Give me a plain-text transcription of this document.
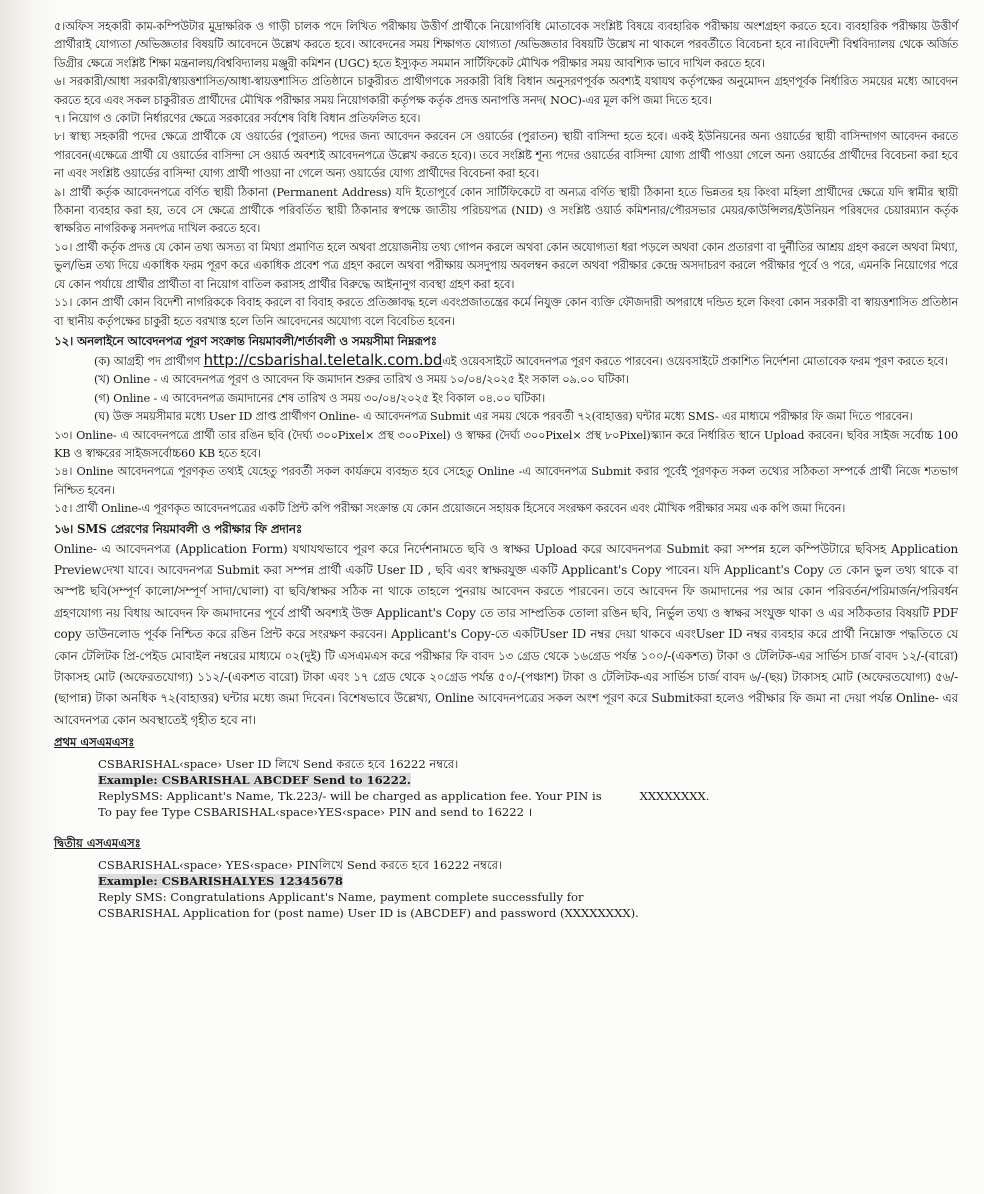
৫।অফিস সহকারী কাম-কম্পিউটার মুদ্রাক্ষরিক ও গাড়ী চালক পদে লিখিত পরীক্ষায় উত্তীর্ণ প্রার্থীকে নিয়োগবিধি মোতাবেক সংশ্লিষ্ট বিষয়ে ব্যবহারিক পরীক্ষায় অংশগ্রহণ করতে হবে। ব্যবহারিক পরীক্ষায় উত্তীর্ণ প্রার্থীরাই যোগ্যতা /অভিজ্ঞতার বিষয়টি আবেদনে উল্লেখ করতে হবে। আবেদনের সময় শিক্ষাগত যোগ্যতা /অভিজ্ঞতার বিষয়টি উল্লেখ না থাকলে পরবর্তীতে বিবেচনা হবে না।বিদেশী বিশ্ববিদ্যালয় থেকে অর্জিত ডিগ্রীর ক্ষেত্রে সংশ্লিষ্ট শিক্ষা মন্ত্রনালয়/বিশ্ববিদ্যালয় মঞ্জুরী কমিশন (UGC) হতে ইস্যুকৃত সমমান সার্টিফিকেট মৌখিক পরীক্ষার সময় আবশ্যিক ভাবে দাখিল করতে হবে।

৬। সরকারী/আধা সরকারী/স্বায়ত্তশাসিত/আধা-স্বায়ত্তশাসিত প্রতিষ্ঠানে চাকুরীরত প্রার্থীগণকে সরকারী বিধি বিধান অনুসরণপূর্বক অবশ্যই যথাযথ কর্তৃপক্ষের অনুমোদন গ্রহণপূর্বক নির্ধারিত সময়ের মধ্যে আবেদন করতে হবে এবং সকল চাকুরীরত প্রার্থীদের মৌখিক পরীক্ষার সময় নিয়োগকারী কর্তৃপক্ষ কর্তৃক প্রদত্ত অনাপত্তি সনদ( NOC)-এর মূল কপি জমা দিতে হবে।

৭। নিয়োগ ও কোটা নির্ধারণের ক্ষেত্রে সরকারের সর্বশেষ বিধি বিধান প্রতিফলিত হবে।

৮। স্বাস্থ্য সহকারী পদের ক্ষেত্রে প্রার্থীকে যে ওয়ার্ডের (পুরাতন) পদের জন্য আবেদন করবেন সে ওয়ার্ডের (পুরাতন) স্থায়ী বাসিন্দা হতে হবে। একই ইউনিয়নের অন্য ওয়ার্ডের স্থায়ী বাসিন্দাগণ আবেদন করতে পারবেন(এক্ষেত্রে প্রার্থী যে ওয়ার্ডের বাসিন্দা সে ওয়ার্ড অবশ্যই আবেদনপত্রে উল্লেখ করতে হবে)। তবে সংশ্লিষ্ট শূন্য পদের ওয়ার্ডের বাসিন্দা যোগ্য প্রার্থী পাওয়া গেলে অন্য ওয়ার্ডের প্রার্থীদের বিবেচনা করা হবে না এবং সংশ্লিষ্ট ওয়ার্ডের বাসিন্দা যোগ্য প্রার্থী পাওয়া না গেলে অন্য ওয়ার্ডের যোগ্য প্রার্থীদের বিবেচনা করা হবে।

৯। প্রার্থী কর্তৃক আবেদনপত্রে বর্ণিত স্থায়ী ঠিকানা (Permanent Address) যদি ইতোপূর্বে কোন সার্টিফিকেটে বা অন্যত্র বর্ণিত স্থায়ী ঠিকানা হতে ভিন্নতর হয় কিংবা মহিলা প্রার্থীদের ক্ষেত্রে যদি স্বামীর স্থায়ী ঠিকানা ব্যবহার করা হয়, তবে সে ক্ষেত্রে প্রার্থীকে পরিবর্তিত স্থায়ী ঠিকানার স্বপক্ষে জাতীয় পরিচয়পত্র (NID) ও সংশ্লিষ্ট ওয়ার্ড কমিশনার/পৌরসভার মেয়র/কাউন্সিলর/ইউনিয়ন পরিষদের চেয়ারম্যান কর্তৃক স্বাক্ষরিত নাগরিকত্ব সনদপত্র দাখিল করতে হবে।

১০। প্রার্থী কর্তৃক প্রদত্ত যে কোন তথ্য অসত্য বা মিথ্যা প্রমাণিত হলে অথবা প্রয়োজনীয় তথ্য গোপন করলে অথবা কোন অযোগ্যতা ধরা পড়লে অথবা কোন প্রতারণা বা দুর্নীতির আশ্রয় গ্রহণ করলে অথবা মিথ্যা, ভুল/ভিন্ন তথ্য দিয়ে একাধিক ফরম পূরণ করে একাধিক প্রবেশ পত্র গ্রহণ করলে অথবা পরীক্ষায় অসদুপায় অবলম্বন করলে অথবা পরীক্ষার কেন্দ্রে অসদাচরণ করলে পরীক্ষার পূর্বে ও পরে, এমনকি নিয়োগের পরে যে কোন পর্যায়ে প্রার্থীর প্রার্থীতা বা নিয়োগ বাতিল করাসহ প্রার্থীর বিরুদ্ধে আইনানুগ ব্যবস্থা গ্রহণ করা হবে।

১১। কোন প্রার্থী কোন বিদেশী নাগরিককে বিবাহ করলে বা বিবাহ করতে প্রতিজ্ঞাবদ্ধ হলে এবংপ্রজাতন্ত্রের কর্মে নিযুক্ত কোন ব্যক্তি ফৌজদারী অপরাধে দন্ডিত হলে কিংবা কোন সরকারী বা স্বায়ত্তশাসিত প্রতিষ্ঠান বা স্থানীয় কর্তৃপক্ষের চাকুরী হতে বরখাস্ত হলে তিনি আবেদনের অযোগ্য বলে বিবেচিত হবেন।

১২। অনলাইনে আবেদনপত্র পূরণ সংক্রান্ত নিয়মাবলী/শর্তাবলী ও সময়সীমা নিম্নরূপঃ

(ক) আগ্রহী পদ প্রার্থীগণ http://csbarishal.teletalk.com.bdএই ওয়েবসাইটে আবেদনপত্র পূরণ করতে পারবেন। ওয়েবসাইটে প্রকাশিত নির্দেশনা মোতাবেক ফরম পূরণ করতে হবে।

(খ) Online - এ আবেদনপত্র পূরণ ও আবেদন ফি জমাদান শুরুর তারিখ ও সময় ১০/০৪/২০২৫ ইং সকাল ০৯.০০ ঘটিকা।

(গ) Online - এ আবেদনপত্র জমাদানের শেষ তারিখ ও সময় ৩০/০৪/২০২৫ ইং বিকাল ০৪.০০ ঘটিকা।

(ঘ) উক্ত সময়সীমার মধ্যে User ID প্রাপ্ত প্রার্থীগণ Online- এ আবেদনপত্র Submit এর সময় থেকে পরবর্তী ৭২(বাহাত্তর) ঘন্টার মধ্যে SMS- এর মাধ্যমে পরীক্ষার ফি জমা দিতে পারবেন।

১৩। Online- এ আবেদনপত্রে প্রার্থী তার রঙিন ছবি (দৈর্ঘ্য ৩০০Pixel× প্রস্থ ৩০০Pixel) ও স্বাক্ষর (দৈর্ঘ্য ৩০০Pixel× প্রস্থ ৮০Pixel)স্ক্যান করে নির্ধারিত স্থানে Upload করবেন। ছবির সাইজ সর্বোচ্চ 100 KB ও স্বাক্ষরের সাইজসর্বোচ্চ60 KB হতে হবে।

১৪। Online আবেদনপত্রে পূরণকৃত তথ্যই যেহেতু পরবর্তী সকল কার্যক্রমে ব্যবহৃত হবে সেহেতু Online -এ আবেদনপত্র Submit করার পূর্বেই পূরণকৃত সকল তথ্যের সঠিকতা সম্পর্কে প্রার্থী নিজে শতভাগ নিশ্চিত হবেন।

১৫। প্রার্থী Online-এ পূরণকৃত আবেদনপত্রের একটি প্রিন্ট কপি পরীক্ষা সংক্রান্ত যে কোন প্রয়োজনে সহায়ক হিসেবে সংরক্ষণ করবেন এবং মৌখিক পরীক্ষার সময় এক কপি জমা দিবেন।

১৬। SMS প্রেরণের নিয়মাবলী ও পরীক্ষার ফি প্রদানঃ

Online- এ আবেদনপত্র (Application Form) যথাযথভাবে পূরণ করে নির্দেশনামতে ছবি ও স্বাক্ষর Upload করে আবেদনপত্র Submit করা সম্পন্ন হলে কম্পিউটারে ছবিসহ Application Previewদেখা যাবে। আবেদনপত্র Submit করা সম্পন্ন প্রার্থী একটি User ID , ছবি এবং স্বাক্ষরযুক্ত একটি Applicant's Copy পাবেন। যদি Applicant's Copy তে কোন ভুল তথ্য থাকে বা অস্পষ্ট ছবি(সম্পূর্ণ কালো/সম্পূর্ণ সাদা/ঘোলা) বা ছবি/স্বাক্ষর সঠিক না থাকে তাহলে পুনরায় আবেদন করতে পারবেন। তবে আবেদন ফি জমাদানের পর আর কোন পরিবর্তন/পরিমার্জন/পরিবর্ধন গ্রহণযোগ্য নয় বিধায় আবেদন ফি জমাদানের পূর্বে প্রার্থী অবশ্যই উক্ত Applicant's Copy তে তার সাম্প্রতিক তোলা রঙিন ছবি, নির্ভুল তথ্য ও স্বাক্ষর সংযুক্ত থাকা ও এর সঠিকতার বিষয়টি PDF copy ডাউনলোড পূর্বক নিশ্চিত করে রঙিন প্রিন্ট করে সংরক্ষণ করবেন। Applicant's Copy-তে একটিUser ID নম্বর দেয়া থাকবে এবংUser ID নম্বর ব্যবহার করে প্রার্থী নিম্নোক্ত পদ্ধতিতে যে কোন টেলিটক প্রি-পেইড মোবাইল নম্বরের মাধ্যমে ০২(দুই) টি এসএমএস করে পরীক্ষার ফি বাবদ ১৩ গ্রেড থেকে ১৬গ্রেড পর্যন্ত ১০০/-(একশত) টাকা ও টেলিটক-এর সার্ভিস চার্জ বাবদ ১২/-(বারো) টাকাসহ মোট (অফেরতযোগ্য) ১১২/-(একশত বারো) টাকা এবং ১৭ গ্রেড থেকে ২০গ্রেড পর্যন্ত ৫০/-(পঞ্চাশ) টাকা ও টেলিটক-এর সার্ভিস চার্জ বাবদ ৬/-(ছয়) টাকাসহ মোট (অফেরতযোগ্য) ৫৬/-(ছাপান্ন) টাকা অনধিক ৭২(বাহাত্তর) ঘন্টার মধ্যে জমা দিবেন। বিশেষভাবে উল্লেখ্য, Online আবেদনপত্রের সকল অংশ পূরণ করে Submitকরা হলেও পরীক্ষার ফি জমা না দেয়া পর্যন্ত Online- এর আবেদনপত্র কোন অবস্থাতেই গৃহীত হবে না।

প্রথম এসএমএসঃ

CSBARISHAL‹space› User ID লিখে Send করতে হবে 16222 নম্বরে।
Example: CSBARISHAL ABCDEF Send to 16222.
ReplySMS: Applicant's Name, Tk.223/- will be charged as application fee. Your PIN is	XXXXXXXX.
To pay fee Type CSBARISHAL‹space›YES‹space› PIN and send to 16222 ।

দ্বিতীয় এসএমএসঃ

CSBARISHAL‹space› YES‹space› PINলিখে Send করতে হবে 16222 নম্বরে।
Example: CSBARISHALYES 12345678
Reply SMS: Congratulations Applicant's Name, payment complete successfully for
CSBARISHAL Application for (post name) User ID is (ABCDEF) and password (XXXXXXXX).
